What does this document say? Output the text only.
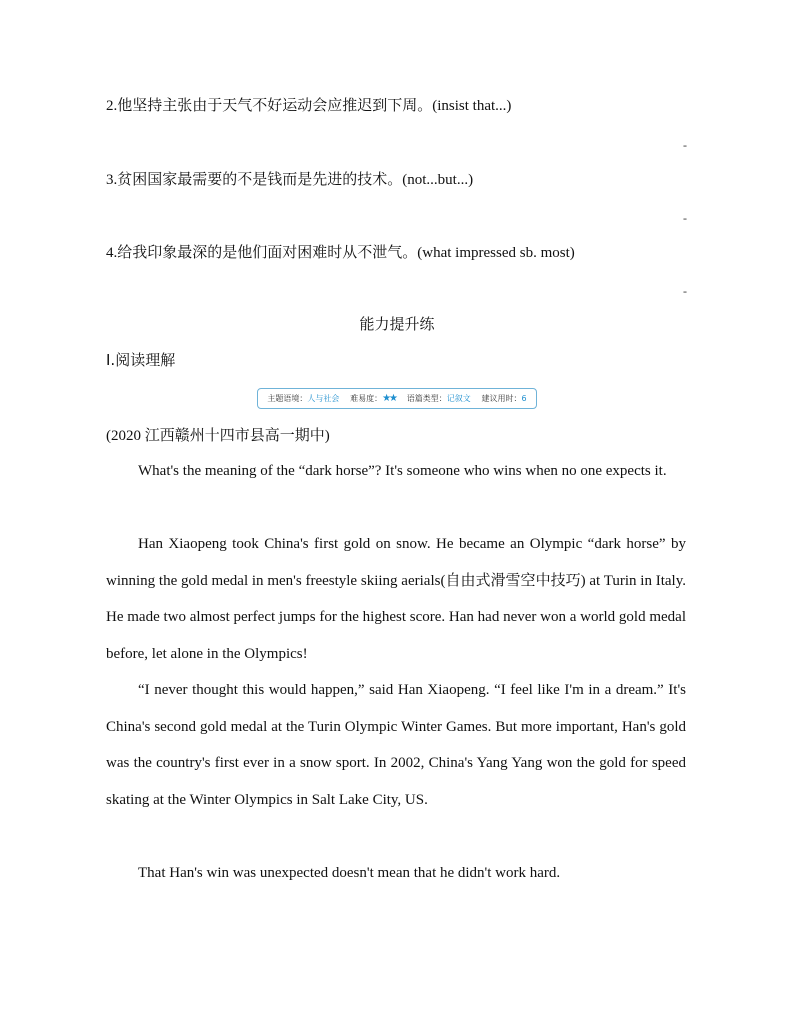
2.他坚持主张由于天气不好运动会应推迟到下周。(insist that...)
-
3.贫困国家最需要的不是钱而是先进的技术。(not...but...)
-
4.给我印象最深的是他们面对困难时从不泄气。(what impressed sb. most)
-
能力提升练
Ⅰ.阅读理解
主题语境：人与社会 难易度：★★ 语篇类型：记叙文 建议用时：6
(2020 江西赣州十四市县高一期中)

What's the meaning of the “dark horse”? It's someone who wins when no one expects it.

Han Xiaopeng took China's first gold on snow. He became an Olympic “dark horse” by winning the gold medal in men's freestyle skiing aerials(自由式滑雪空中技巧) at Turin in Italy. He made two almost perfect jumps for the highest score. Han had never won a world gold medal before, let alone in the Olympics!

“I never thought this would happen,” said Han Xiaopeng. “I feel like I'm in a dream.” It's China's second gold medal at the Turin Olympic Winter Games. But more important, Han's gold was the country's first ever in a snow sport. In 2002, China's Yang Yang won the gold for speed skating at the Winter Olympics in Salt Lake City, US.

That Han's win was unexpected doesn't mean that he didn't work hard.
